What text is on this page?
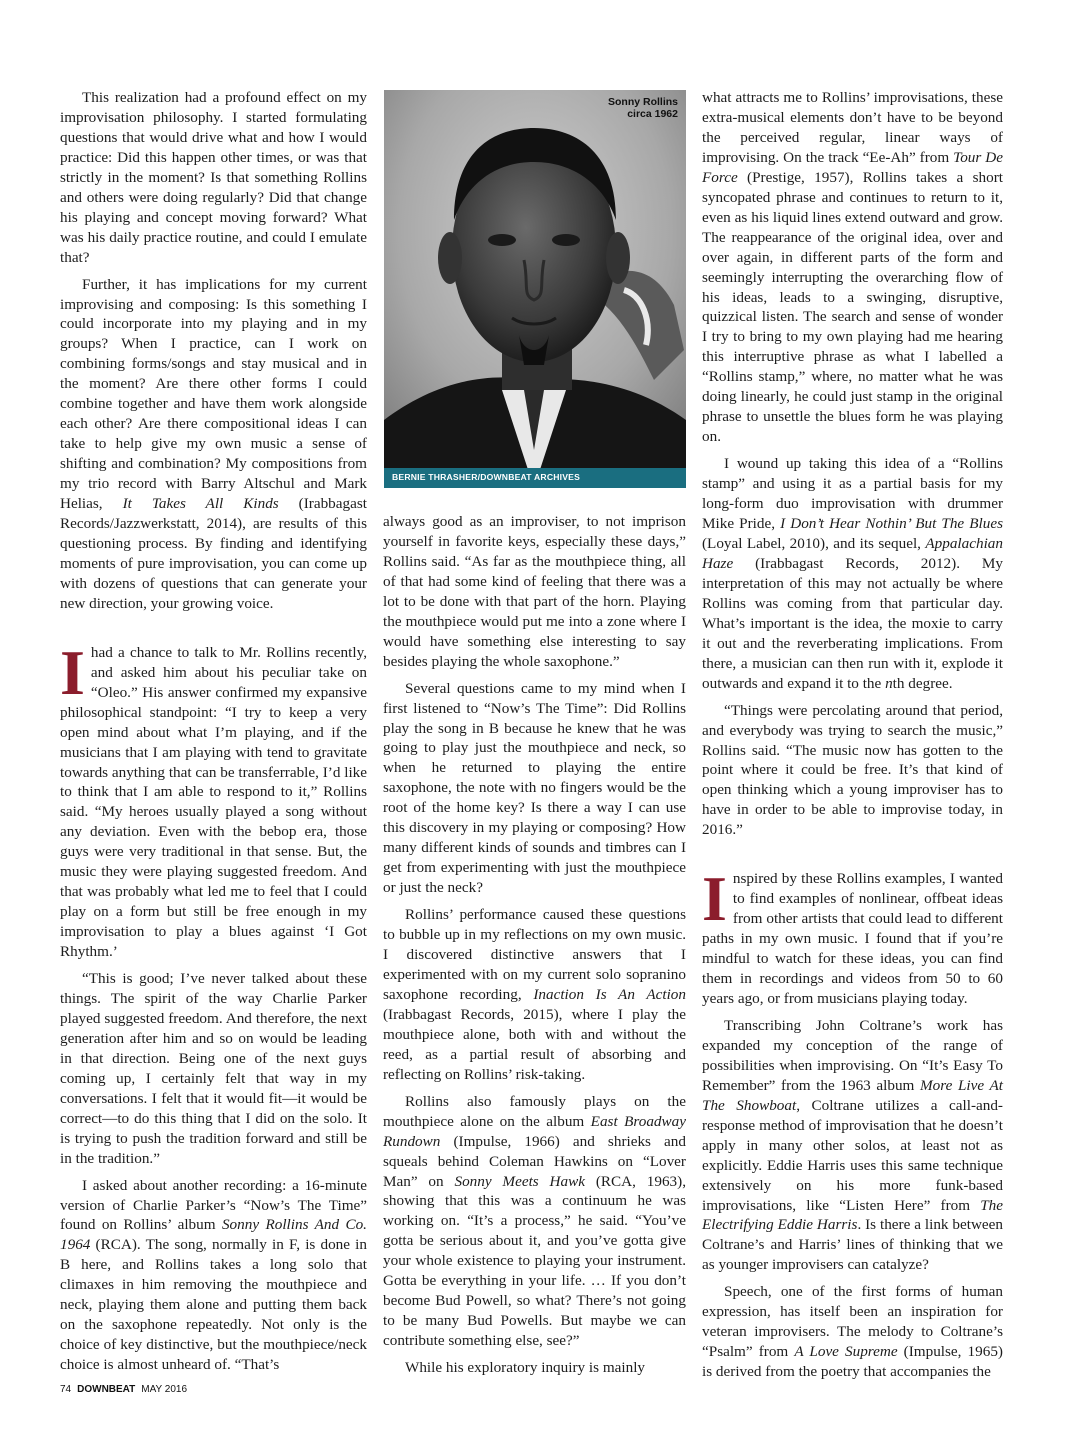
This realization had a profound effect on my improvisation philosophy. I started formulating questions that would drive what and how I would practice: Did this happen other times, or was that strictly in the moment? Is that something Rollins and others were doing regularly? Did that change his playing and concept moving forward? What was his daily practice routine, and could I emulate that?

Further, it has implications for my current improvising and composing: Is this something I could incorporate into my playing and in my groups? When I practice, can I work on combining forms/songs and stay musical and in the moment? Are there other forms I could combine together and have them work alongside each other? Are there compositional ideas I can take to help give my own music a sense of shifting and combination? My compositions from my trio record with Barry Altschul and Mark Helias, It Takes All Kinds (Irabbagast Records/Jazzwerkstatt, 2014), are results of this questioning process. By finding and identifying moments of pure improvisation, you can come up with dozens of questions that can generate your new direction, your growing voice.

I had a chance to talk to Mr. Rollins recently, and asked him about his peculiar take on “Oleo.” His answer confirmed my expansive philosophical standpoint: “I try to keep a very open mind about what I’m playing, and if the musicians that I am playing with tend to gravitate towards anything that can be transferrable, I’d like to think that I am able to respond to it,” Rollins said. “My heroes usually played a song without any deviation. Even with the bebop era, those guys were very traditional in that sense. But, the music they were playing suggested freedom. And that was probably what led me to feel that I could play on a form but still be free enough in my improvisation to play a blues against ‘I Got Rhythm.’

“This is good; I’ve never talked about these things. The spirit of the way Charlie Parker played suggested freedom. And therefore, the next generation after him and so on would be leading in that direction. Being one of the next guys coming up, I certainly felt that way in my conversations. I felt that it would fit—it would be correct—to do this thing that I did on the solo. It is trying to push the tradition forward and still be in the tradition.”

I asked about another recording: a 16-minute version of Charlie Parker’s “Now’s The Time” found on Rollins’ album Sonny Rollins And Co. 1964 (RCA). The song, normally in F, is done in B here, and Rollins takes a long solo that climaxes in him removing the mouthpiece and neck, playing them alone and putting them back on the saxophone repeatedly. Not only is the choice of key distinctive, but the mouthpiece/neck choice is almost unheard of. “That’s

Sonny Rollins
circa 1962
BERNIE THRASHER/DOWNBEAT ARCHIVES

always good as an improviser, to not imprison yourself in favorite keys, especially these days,” Rollins said. “As far as the mouthpiece thing, all of that had some kind of feeling that there was a lot to be done with that part of the horn. Playing the mouthpiece would put me into a zone where I would have something else interesting to say besides playing the whole saxophone.”

Several questions came to my mind when I first listened to “Now’s The Time”: Did Rollins play the song in B because he knew that he was going to play just the mouthpiece and neck, so when he returned to playing the entire saxophone, the note with no fingers would be the root of the home key? Is there a way I can use this discovery in my playing or composing? How many different kinds of sounds and timbres can I get from experimenting with just the mouthpiece or just the neck?

Rollins’ performance caused these questions to bubble up in my reflections on my own music. I discovered distinctive answers that I experimented with on my current solo sopranino saxophone recording, Inaction Is An Action (Irabbagast Records, 2015), where I play the mouthpiece alone, both with and without the reed, as a partial result of absorbing and reflecting on Rollins’ risk-taking.

Rollins also famously plays on the mouthpiece alone on the album East Broadway Rundown (Impulse, 1966) and shrieks and squeals behind Coleman Hawkins on “Lover Man” on Sonny Meets Hawk (RCA, 1963), showing that this was a continuum he was working on. “It’s a process,” he said. “You’ve gotta be serious about it, and you’ve gotta give your whole existence to playing your instrument. Gotta be everything in your life. … If you don’t become Bud Powell, so what? There’s not going to be many Bud Powells. But maybe we can contribute something else, see?”

While his exploratory inquiry is mainly

what attracts me to Rollins’ improvisations, these extra-musical elements don’t have to be beyond the perceived regular, linear ways of improvising. On the track “Ee-Ah” from Tour De Force (Prestige, 1957), Rollins takes a short syncopated phrase and continues to return to it, even as his liquid lines extend outward and grow. The reappearance of the original idea, over and over again, in different parts of the form and seemingly interrupting the overarching flow of his ideas, leads to a swinging, disruptive, quizzical listen. The search and sense of wonder I try to bring to my own playing had me hearing this interruptive phrase as what I labelled a “Rollins stamp,” where, no matter what he was doing linearly, he could just stamp in the original phrase to unsettle the blues form he was playing on.

I wound up taking this idea of a “Rollins stamp” and using it as a partial basis for my long-form duo improvisation with drummer Mike Pride, I Don’t Hear Nothin’ But The Blues (Loyal Label, 2010), and its sequel, Appalachian Haze (Irabbagast Records, 2012). My interpretation of this may not actually be where Rollins was coming from that particular day. What’s important is the idea, the moxie to carry it out and the reverberating implications. From there, a musician can then run with it, explode it outwards and expand it to the nth degree.

“Things were percolating around that period, and everybody was trying to search the music,” Rollins said. “The music now has gotten to the point where it could be free. It’s that kind of open thinking which a young improviser has to have in order to be able to improvise today, in 2016.”

Inspired by these Rollins examples, I wanted to find examples of nonlinear, offbeat ideas from other artists that could lead to different paths in my own music. I found that if you’re mindful to watch for these ideas, you can find them in recordings and videos from 50 to 60 years ago, or from musicians playing today.

Transcribing John Coltrane’s work has expanded my conception of the range of possibilities when improvising. On “It’s Easy To Remember” from the 1963 album More Live At The Showboat, Coltrane utilizes a call-and-response method of improvisation that he doesn’t apply in many other solos, at least not as explicitly. Eddie Harris uses this same technique extensively on his more funk-based improvisations, like “Listen Here” from The Electrifying Eddie Harris. Is there a link between Coltrane’s and Harris’ lines of thinking that we as younger improvisers can catalyze?

Speech, one of the first forms of human expression, has itself been an inspiration for veteran improvisers. The melody to Coltrane’s “Psalm” from A Love Supreme (Impulse, 1965) is derived from the poetry that accompanies the

74 DOWNBEAT MAY 2016
